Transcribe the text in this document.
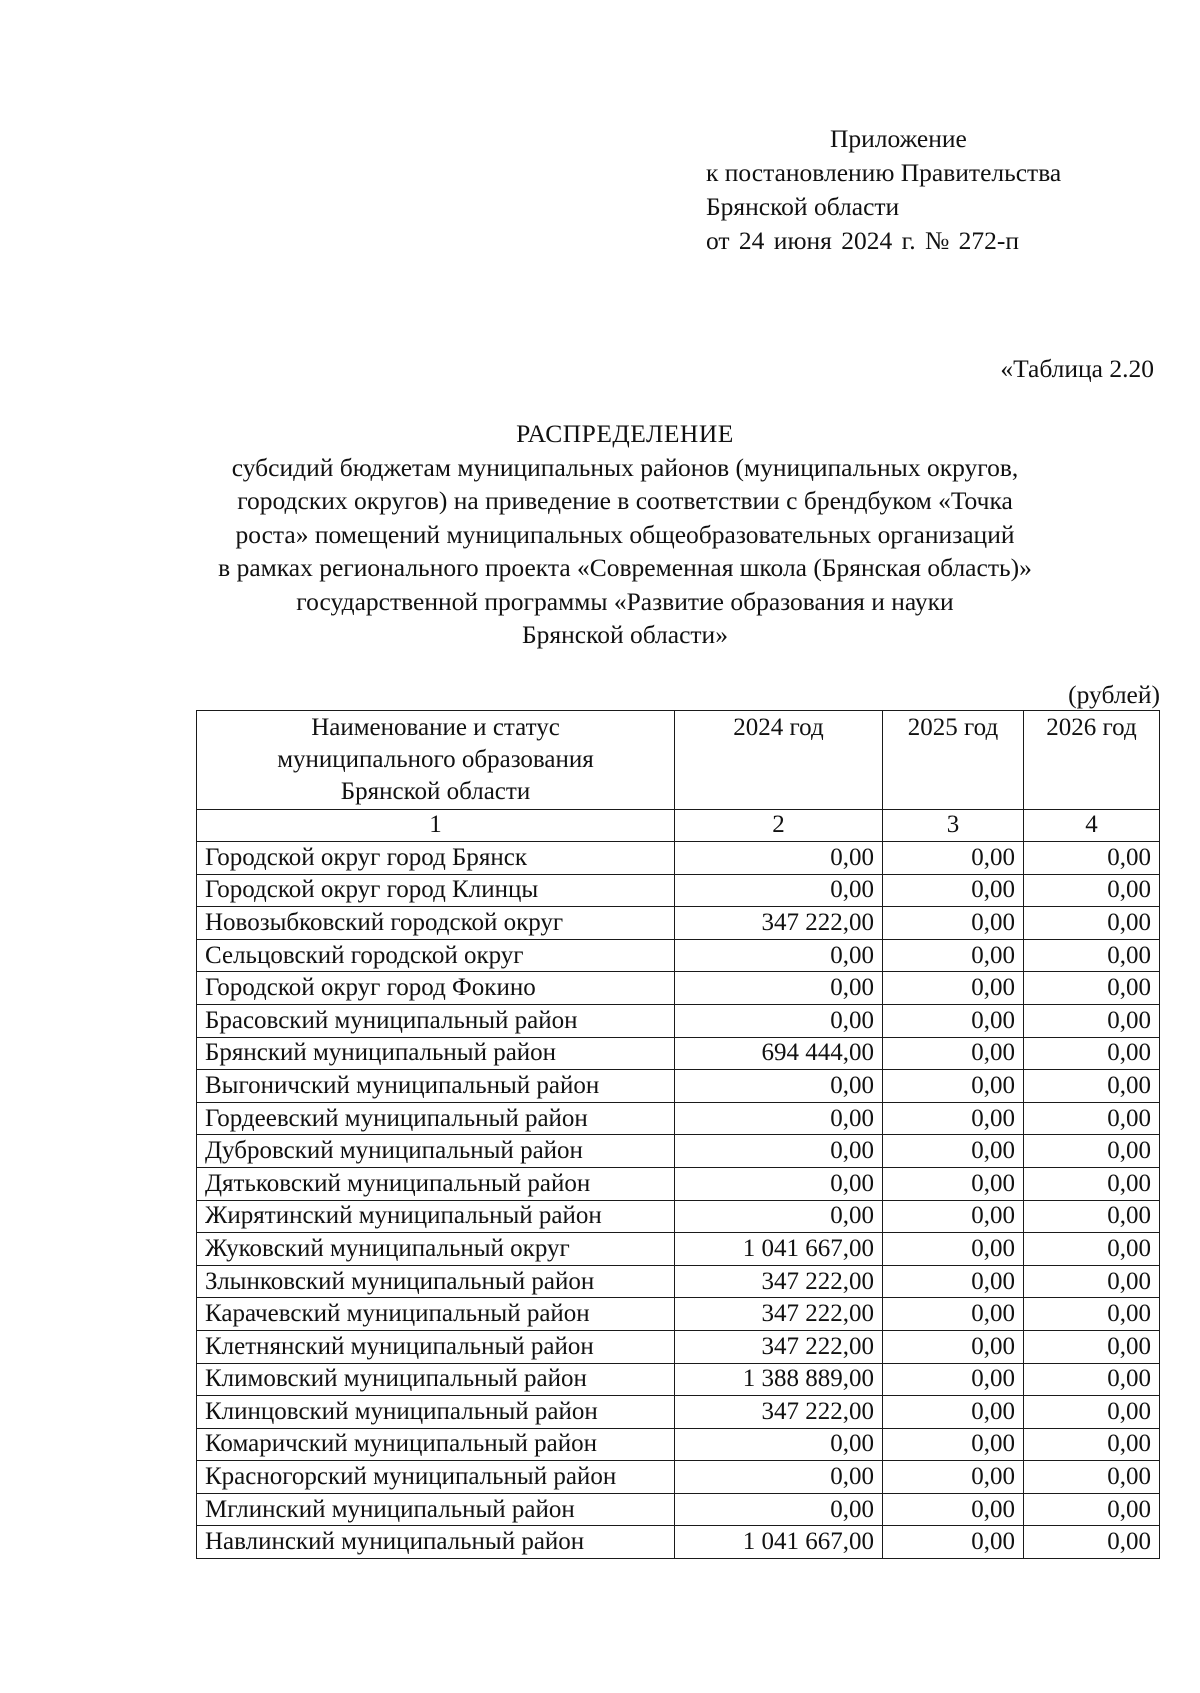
Приложение
к постановлению Правительства
Брянской области
от 24 июня 2024 г. № 272-п
«Таблица 2.20
РАСПРЕДЕЛЕНИЕ
субсидий бюджетам муниципальных районов (муниципальных округов,
городских округов) на приведение в соответствии с брендбуком «Точка
роста» помещений муниципальных общеобразовательных организаций
в рамках регионального проекта «Современная школа (Брянская область)»
государственной программы «Развитие образования и науки
Брянской области»
(рублей)
Наименование и статус
муниципального образования
Брянской области	2024 год	2025 год	2026 год
1	2	3	4
Городской округ город Брянск	0,00	0,00	0,00
Городской округ город Клинцы	0,00	0,00	0,00
Новозыбковский городской округ	347 222,00	0,00	0,00
Сельцовский городской округ	0,00	0,00	0,00
Городской округ город Фокино	0,00	0,00	0,00
Брасовский муниципальный район	0,00	0,00	0,00
Брянский муниципальный район	694 444,00	0,00	0,00
Выгоничский муниципальный район	0,00	0,00	0,00
Гордеевский муниципальный район	0,00	0,00	0,00
Дубровский муниципальный район	0,00	0,00	0,00
Дятьковский муниципальный район	0,00	0,00	0,00
Жирятинский муниципальный район	0,00	0,00	0,00
Жуковский муниципальный округ	1 041 667,00	0,00	0,00
Злынковский муниципальный район	347 222,00	0,00	0,00
Карачевский муниципальный район	347 222,00	0,00	0,00
Клетнянский муниципальный район	347 222,00	0,00	0,00
Климовский муниципальный район	1 388 889,00	0,00	0,00
Клинцовский муниципальный район	347 222,00	0,00	0,00
Комаричский муниципальный район	0,00	0,00	0,00
Красногорский муниципальный район	0,00	0,00	0,00
Мглинский муниципальный район	0,00	0,00	0,00
Навлинский муниципальный район	1 041 667,00	0,00	0,00
